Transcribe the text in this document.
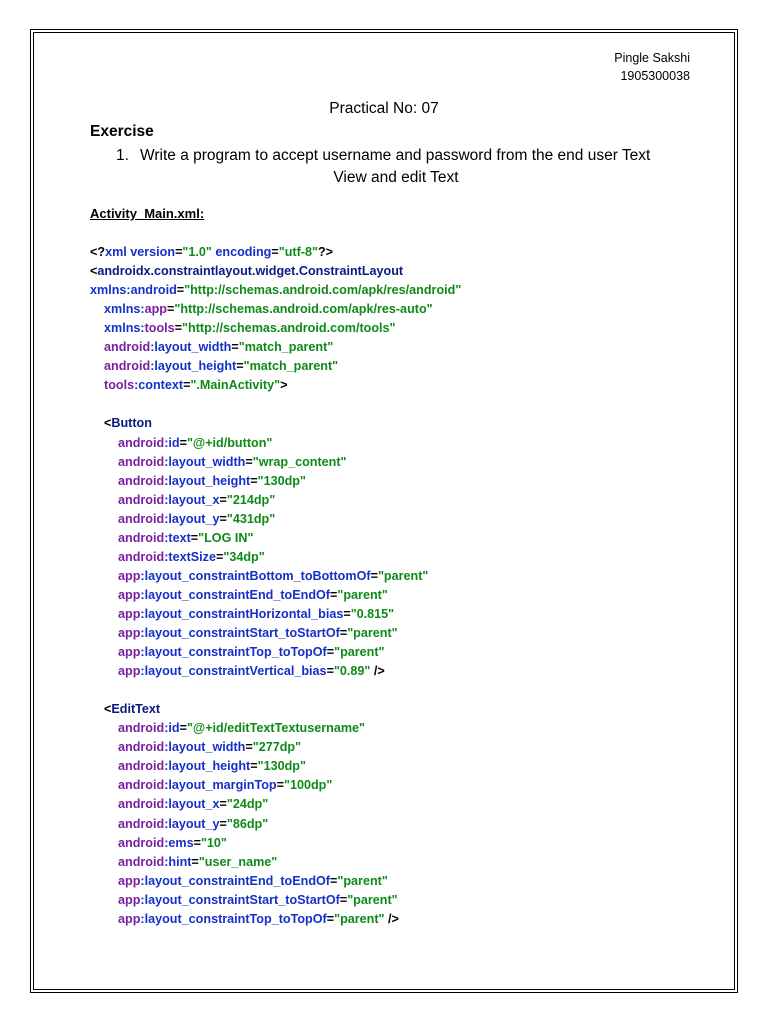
Pingle Sakshi
1905300038
Practical No: 07
Exercise
1. Write a program to accept username and password from the end user Text
View and edit Text
Activity_Main.xml:
<?xml version="1.0" encoding="utf-8"?>
<androidx.constraintlayout.widget.ConstraintLayout
xmlns:android="http://schemas.android.com/apk/res/android"
xmlns:app="http://schemas.android.com/apk/res-auto"
xmlns:tools="http://schemas.android.com/tools"
android:layout_width="match_parent"
android:layout_height="match_parent"
tools:context=".MainActivity">
<Button
android:id="@+id/button"
android:layout_width="wrap_content"
android:layout_height="130dp"
android:layout_x="214dp"
android:layout_y="431dp"
android:text="LOG IN"
android:textSize="34dp"
app:layout_constraintBottom_toBottomOf="parent"
app:layout_constraintEnd_toEndOf="parent"
app:layout_constraintHorizontal_bias="0.815"
app:layout_constraintStart_toStartOf="parent"
app:layout_constraintTop_toTopOf="parent"
app:layout_constraintVertical_bias="0.89" />
<EditText
android:id="@+id/editTextTextusername"
android:layout_width="277dp"
android:layout_height="130dp"
android:layout_marginTop="100dp"
android:layout_x="24dp"
android:layout_y="86dp"
android:ems="10"
android:hint="user_name"
app:layout_constraintEnd_toEndOf="parent"
app:layout_constraintStart_toStartOf="parent"
app:layout_constraintTop_toTopOf="parent" />
